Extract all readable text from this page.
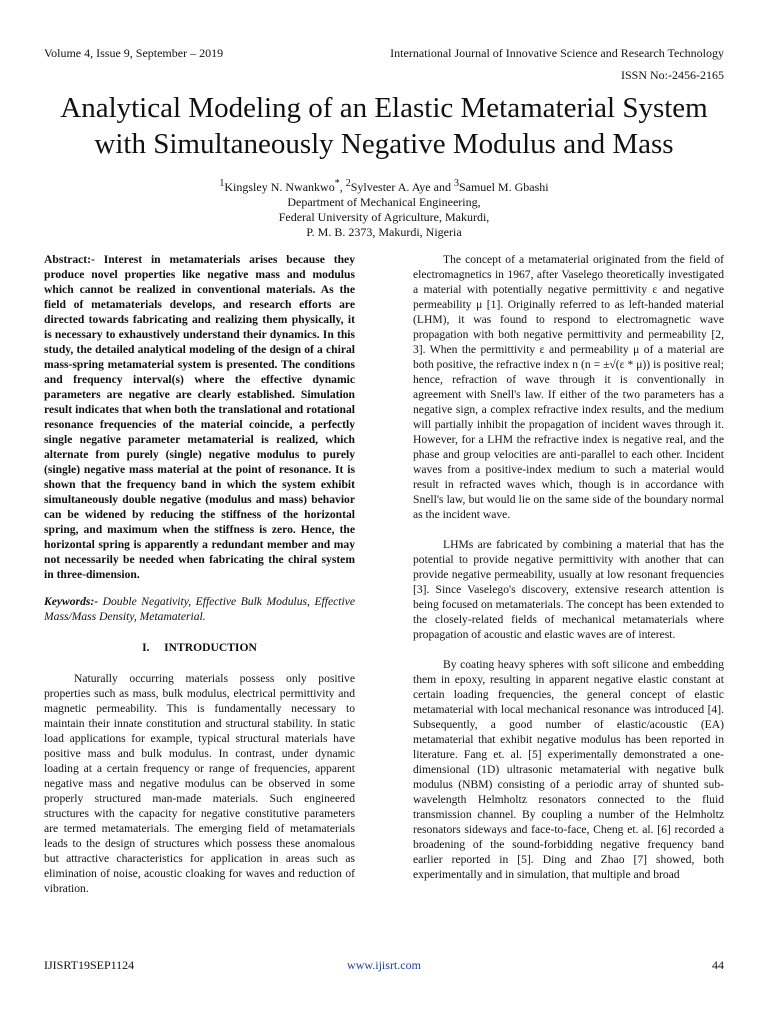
Volume 4, Issue 9, September – 2019	International Journal of Innovative Science and Research Technology
ISSN No:-2456-2165
Analytical Modeling of an Elastic Metamaterial System
with Simultaneously Negative Modulus and Mass
$^1$Kingsley N. Nwankwo*, $^2$Sylvester A. Aye and $^3$Samuel M. Gbashi
Department of Mechanical Engineering,
Federal University of Agriculture, Makurdi,
P. M. B. 2373, Makurdi, Nigeria

Abstract:- Interest in metamaterials arises because they produce novel properties like negative mass and modulus which cannot be realized in conventional materials. As the field of metamaterials develops, and research efforts are directed towards fabricating and realizing them physically, it is necessary to exhaustively understand their dynamics. In this study, the detailed analytical modeling of the design of a chiral mass-spring metamaterial system is presented. The conditions and frequency interval(s) where the effective dynamic parameters are negative are clearly established. Simulation result indicates that when both the translational and rotational resonance frequencies of the material coincide, a perfectly single negative parameter metamaterial is realized, which alternate from purely (single) negative modulus to purely (single) negative mass material at the point of resonance. It is shown that the frequency band in which the system exhibit simultaneously double negative (modulus and mass) behavior can be widened by reducing the stiffness of the horizontal spring, and maximum when the stiffness is zero. Hence, the horizontal spring is apparently a redundant member and may not necessarily be needed when fabricating the chiral system in three-dimension.

Keywords:- Double Negativity, Effective Bulk Modulus, Effective Mass/Mass Density, Metamaterial.

I. INTRODUCTION

Naturally occurring materials possess only positive properties such as mass, bulk modulus, electrical permittivity and magnetic permeability. This is fundamentally necessary to maintain their innate constitution and structural stability. In static load applications for example, typical structural materials have positive mass and bulk modulus. In contrast, under dynamic loading at a certain frequency or range of frequencies, apparent negative mass and negative modulus can be observed in some properly structured man-made materials. Such engineered structures with the capacity for negative constitutive parameters are termed metamaterials. The emerging field of metamaterials leads to the design of structures which possess these anomalous but attractive characteristics for application in areas such as elimination of noise, acoustic cloaking for waves and reduction of vibration.

The concept of a metamaterial originated from the field of electromagnetics in 1967, after Vaselego theoretically investigated a material with potentially negative permittivity ε and negative permeability μ [1]. Originally referred to as left-handed material (LHM), it was found to respond to electromagnetic wave propagation with both negative permittivity and permeability [2, 3]. When the permittivity ε and permeability μ of a material are both positive, the refractive index n (n = ±√(ε * μ)) is positive real; hence, refraction of wave through it is conventionally in agreement with Snell's law. If either of the two parameters has a negative sign, a complex refractive index results, and the medium will partially inhibit the propagation of incident waves through it. However, for a LHM the refractive index is negative real, and the phase and group velocities are anti-parallel to each other. Incident waves from a positive-index medium to such a material would result in refracted waves which, though is in accordance with Snell's law, but would lie on the same side of the boundary normal as the incident wave.

LHMs are fabricated by combining a material that has the potential to provide negative permittivity with another that can provide negative permeability, usually at low resonant frequencies [3]. Since Vaselego's discovery, extensive research attention is being focused on metamaterials. The concept has been extended to the closely-related fields of mechanical metamaterials where propagation of acoustic and elastic waves are of interest.

By coating heavy spheres with soft silicone and embedding them in epoxy, resulting in apparent negative elastic constant at certain loading frequencies, the general concept of elastic metamaterial with local mechanical resonance was introduced [4]. Subsequently, a good number of elastic/acoustic (EA) metamaterial that exhibit negative modulus has been reported in literature. Fang et. al. [5] experimentally demonstrated a one-dimensional (1D) ultrasonic metamaterial with negative bulk modulus (NBM) consisting of a periodic array of shunted sub-wavelength Helmholtz resonators connected to the fluid transmission channel. By coupling a number of the Helmholtz resonators sideways and face-to-face, Cheng et. al. [6] recorded a broadening of the sound-forbidding negative frequency band earlier reported in [5]. Ding and Zhao [7] showed, both experimentally and in simulation, that multiple and broad

IJISRT19SEP1124	www.ijisrt.com	44
